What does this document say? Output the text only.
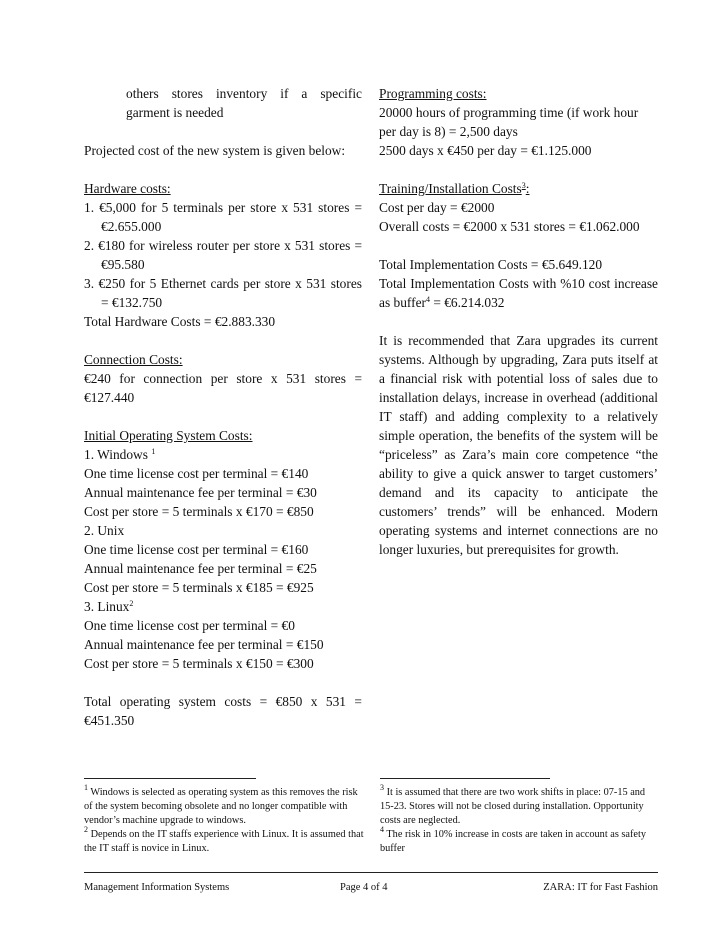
others stores inventory if a specific

garment is needed

Projected cost of the new system is given below:

Hardware costs:

1. €5,000 for 5 terminals per store x 531 stores = €2.655.000

2. €180 for wireless router per store x 531 stores = €95.580

3. €250 for 5 Ethernet cards per store x 531 stores = €132.750

Total Hardware Costs = €2.883.330

Connection Costs:

€240 for connection per store x 531 stores = €127.440

Initial Operating System Costs:

1. Windows $^1$

One time license cost per terminal = €140

Annual maintenance fee per terminal = €30

Cost per store = 5 terminals x €170 = €850

2. Unix

One time license cost per terminal = €160

Annual maintenance fee per terminal = €25

Cost per store = 5 terminals x €185 = €925

3. Linux$^2$

One time license cost per terminal = €0

Annual maintenance fee per terminal = €150

Cost per store = 5 terminals x €150 = €300

Total operating system costs = €850 x 531 = €451.350

Programming costs:

20000 hours of programming time (if work hour per day is 8) = 2,500 days

2500 days x €450 per day = €1.125.000

Training/Installation Costs$^3$:

Cost per day = €2000

Overall costs = €2000 x 531 stores = €1.062.000

Total Implementation Costs = €5.649.120

Total Implementation Costs with %10 cost increase as buffer$^4$ = €6.214.032

It is recommended that Zara upgrades its current systems. Although by upgrading, Zara puts itself at a financial risk with potential loss of sales due to installation delays, increase in overhead (additional IT staff) and adding complexity to a relatively simple operation, the benefits of the system will be “priceless” as Zara’s main core competence “the ability to give a quick answer to target customers’ demand and its capacity to anticipate the customers’ trends” will be enhanced. Modern operating systems and internet connections are no longer luxuries, but prerequisites for growth.

$^1$ Windows is selected as operating system as this removes the risk of the system becoming obsolete and no longer compatible with vendor’s machine upgrade to windows.

$^2$ Depends on the IT staffs experience with Linux. It is assumed that the IT staff is novice in Linux.

$^3$ It is assumed that there are two work shifts in place: 07-15 and 15-23. Stores will not be closed during installation. Opportunity costs are neglected.

$^4$ The risk in 10% increase in costs are taken in account as safety buffer

Management Information Systems	Page 4 of 4	ZARA: IT for Fast Fashion
